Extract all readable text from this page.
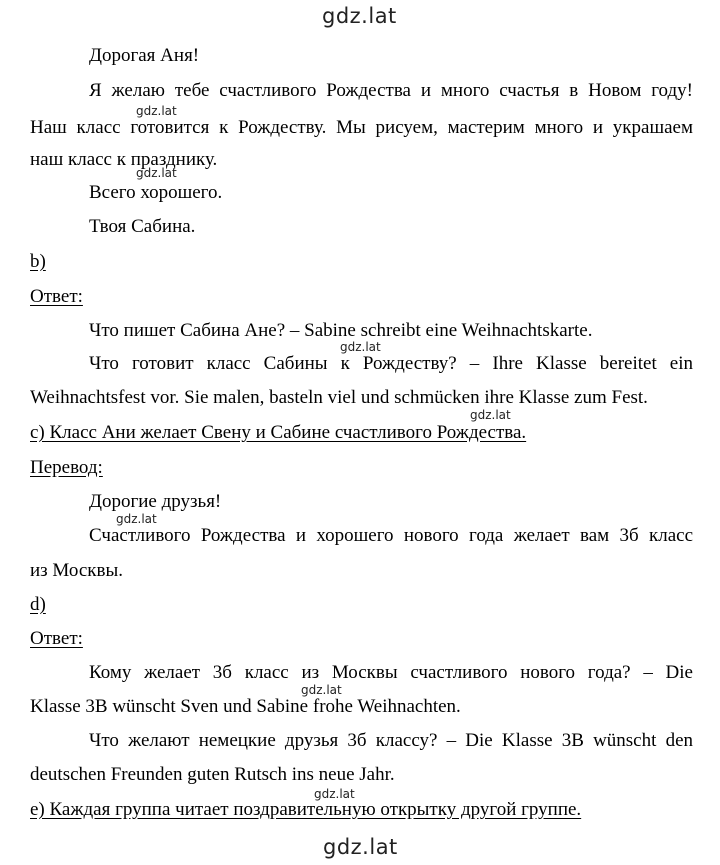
gdz.lat
Дорогая Аня!
Я желаю тебе счастливого Рождества и много счастья в Новом году!
gdz.lat
Наш класс готовится к Рождеству. Мы рисуем, мастерим много и украшаем
наш класс к празднику.
gdz.lat
Всего хорошего.
Твоя Сабина.
b)
Ответ:
Что пишет Сабина Ане? – Sabine schreibt eine Weihnachtskarte.
gdz.lat
Что готовит класс Сабины к Рождеству? – Ihre Klasse bereitet ein
Weihnachtsfest vor. Sie malen, basteln viel und schmücken ihre Klasse zum Fest.
gdz.lat
c) Класс Ани желает Свену и Сабине счастливого Рождества.
Перевод:
Дорогие друзья!
gdz.lat
Счастливого Рождества и хорошего нового года желает вам 3б класс
из Москвы.
d)
Ответ:
Кому желает 3б класс из Москвы счастливого нового года? – Die
gdz.lat
Klasse 3B wünscht Sven und Sabine frohe Weihnachten.
Что желают немецкие друзья 3б классу? – Die Klasse 3B wünscht den
deutschen Freunden guten Rutsch ins neue Jahr.
gdz.lat
e) Каждая группа читает поздравительную открытку другой группе.
gdz.lat
